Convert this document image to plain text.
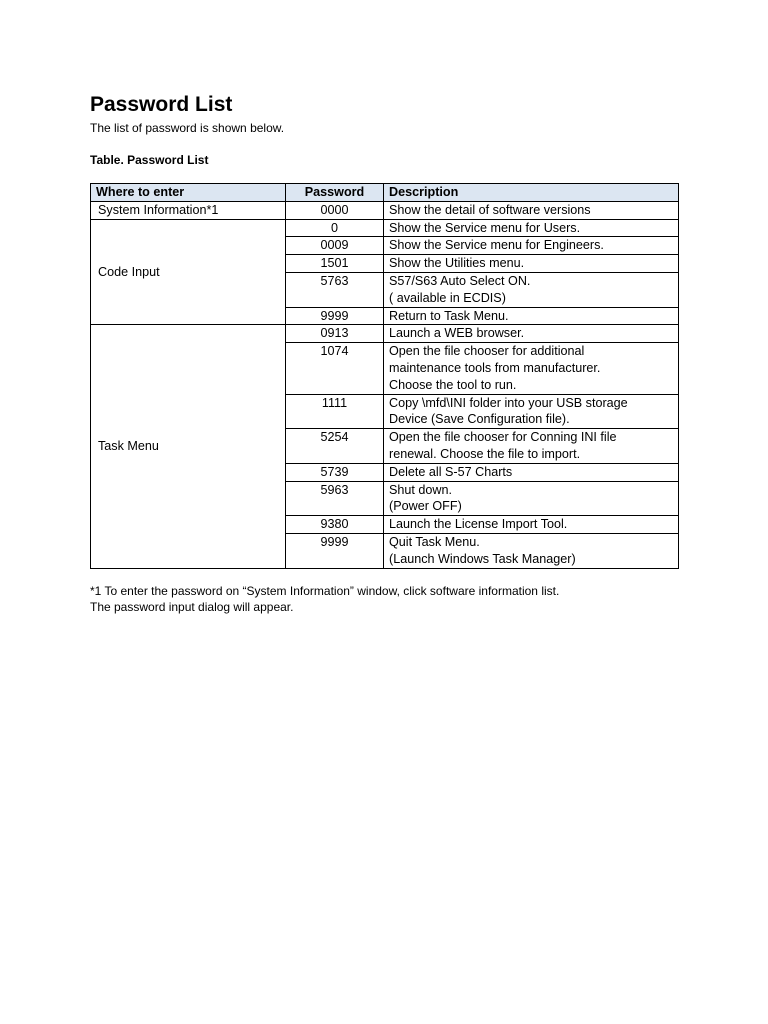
Password List

The list of password is shown below.

Table. Password List

Where to enter	Password	Description
System Information*1	0000	Show the detail of software versions

Code Input	0	Show the Service menu for Users.

	0009	Show the Service menu for Engineers.

	1501	Show the Utilities menu.

	5763	S57/S63 Auto Select ON.
( available in ECDIS)

	9999	Return to Task Menu.

Task Menu	0913	Launch a WEB browser.

	1074	Open the file chooser for additional
maintenance tools from manufacturer.
Choose the tool to run.

	1111	Copy \mfd\INI folder into your USB storage
Device (Save Configuration file).

	5254	Open the file chooser for Conning INI file
renewal. Choose the file to import.

	5739	Delete all S-57 Charts

	5963	Shut down.
(Power OFF)

	9380	Launch the License Import Tool.

	9999	Quit Task Menu.
(Launch Windows Task Manager)
*1 To enter the password on “System Information” window, click software information list.
The password input dialog will appear.
